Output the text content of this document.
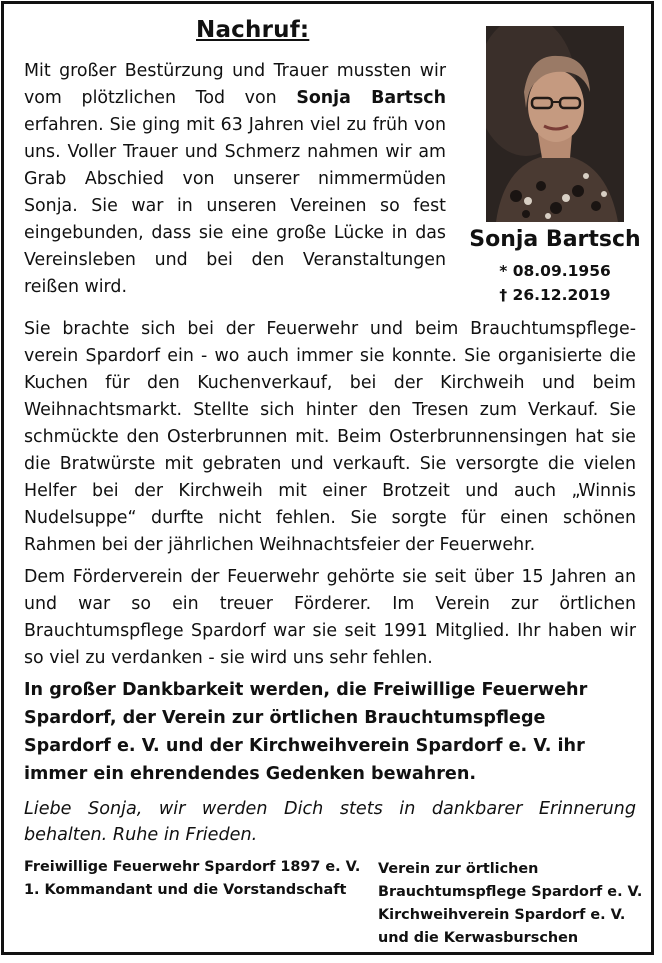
Nachruf:

Mit großer Bestürzung und Trauer mussten wir vom plötzlichen Tod von Sonja Bartsch erfahren. Sie ging mit 63 Jahren viel zu früh von uns. Voller Trauer und Schmerz nahmen wir am Grab Abschied von unserer nimmermüden Sonja. Sie war in unseren Vereinen so fest eingebunden, dass sie eine große Lücke in das Vereinsleben und bei den Veranstaltungen reißen wird.

Sonja Bartsch
* 08.09.1956
† 26.12.2019

Sie brachte sich bei der Feuerwehr und beim Brauchtumspflege-verein Spardorf ein - wo auch immer sie konnte. Sie organisierte die Kuchen für den Kuchenverkauf, bei der Kirchweih und beim Weihnachtsmarkt. Stellte sich hinter den Tresen zum Verkauf. Sie schmückte den Osterbrunnen mit. Beim Osterbrunnensingen hat sie die Bratwürste mit gebraten und verkauft. Sie versorgte die vielen Helfer bei der Kirchweih mit einer Brotzeit und auch „Winnis Nudelsuppe“ durfte nicht fehlen. Sie sorgte für einen schönen Rahmen bei der jährlichen Weihnachtsfeier der Feuerwehr.

Dem Förderverein der Feuerwehr gehörte sie seit über 15 Jahren an und war so ein treuer Förderer. Im Verein zur örtlichen Brauchtumspflege Spardorf war sie seit 1991 Mitglied. Ihr haben wir so viel zu verdanken - sie wird uns sehr fehlen.

In großer Dankbarkeit werden, die Freiwillige Feuerwehr Spardorf, der Verein zur örtlichen Brauchtumspflege Spardorf e. V. und der Kirchweihverein Spardorf e. V. ihr immer ein ehrendendes Gedenken bewahren.

Liebe Sonja, wir werden Dich stets in dankbarer Erinnerung behalten. Ruhe in Frieden.

Freiwillige Feuerwehr Spardorf 1897 e. V.
1. Kommandant und die Vorstandschaft
Verein zur örtlichen
Brauchtumspflege Spardorf e. V.
Kirchweihverein Spardorf e. V.
und die Kerwasburschen
